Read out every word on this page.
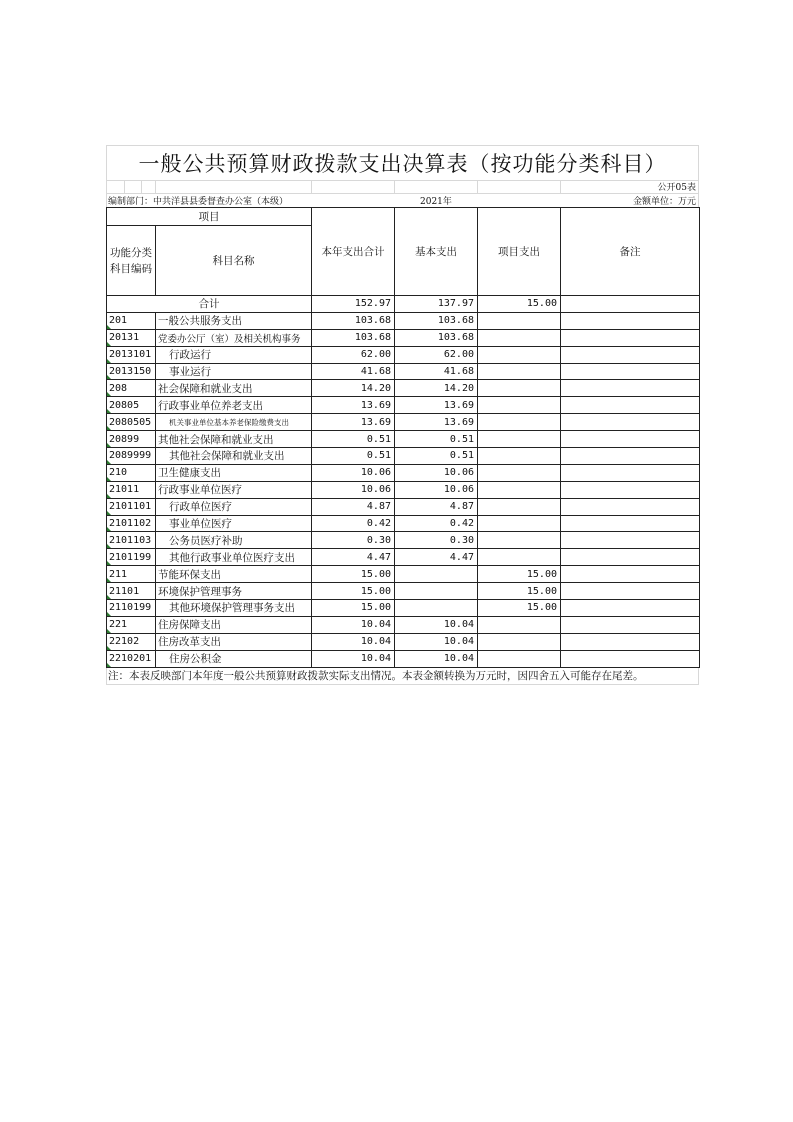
一般公共预算财政拨款支出决算表（按功能分类科目）
公开05表
编制部门：中共洋县县委督查办公室（本级）	2021年	金额单位：万元
项目		本年支出合计	基本支出	项目支出	备注
功能分类科目编码	科目名称				

合计		152.97	137.97	15.00	
201	一般公共服务支出	103.68	103.68		
20131	党委办公厅（室）及相关机构事务	103.68	103.68		
2013101	行政运行	62.00	62.00		
2013150	事业运行	41.68	41.68		
208	社会保障和就业支出	14.20	14.20		
20805	行政事业单位养老支出	13.69	13.69		
2080505	机关事业单位基本养老保险缴费支出	13.69	13.69		
20899	其他社会保障和就业支出	0.51	0.51		
2089999	其他社会保障和就业支出	0.51	0.51		
210	卫生健康支出	10.06	10.06		
21011	行政事业单位医疗	10.06	10.06		
2101101	行政单位医疗	4.87	4.87		
2101102	事业单位医疗	0.42	0.42		
2101103	公务员医疗补助	0.30	0.30		
2101199	其他行政事业单位医疗支出	4.47	4.47		
211	节能环保支出	15.00		15.00	
21101	环境保护管理事务	15.00		15.00	
2110199	其他环境保护管理事务支出	15.00		15.00	
221	住房保障支出	10.04	10.04		
22102	住房改革支出	10.04	10.04		
2210201	住房公积金	10.04	10.04		
注：本表反映部门本年度一般公共预算财政拨款实际支出情况。本表金额转换为万元时，因四舍五入可能存在尾差。
